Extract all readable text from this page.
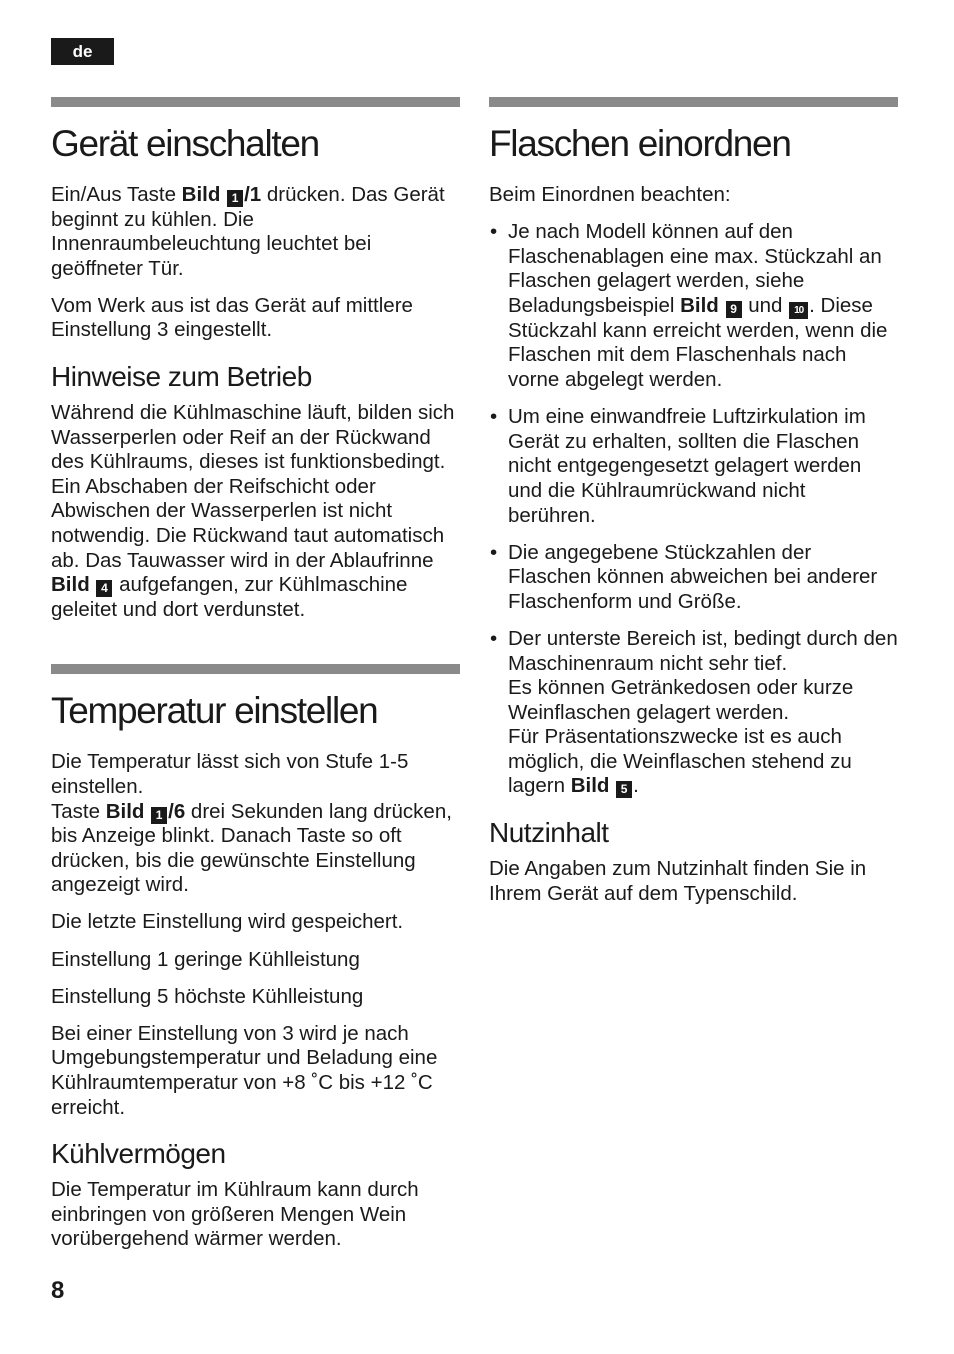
de
Gerät einschalten

Ein/Aus Taste Bild 1 /1 drücken. Das Gerät beginnt zu kühlen. Die Innenraumbeleuchtung leuchtet bei geöffneter Tür.

Vom Werk aus ist das Gerät auf mittlere Einstellung 3 eingestellt.

Hinweise zum Betrieb

Während die Kühlmaschine läuft, bilden sich Wasserperlen oder Reif an der Rückwand des Kühlraums, dieses ist funktionsbedingt. Ein Abschaben der Reifschicht oder Abwischen der Wasserperlen ist nicht notwendig. Die Rückwand taut automatisch ab. Das Tauwasser wird in der Ablaufrinne Bild 4 aufgefangen, zur Kühlmaschine geleitet und dort verdunstet.

Temperatur einstellen

Die Temperatur lässt sich von Stufe 1-5 einstellen.
Taste Bild 1 /6 drei Sekunden lang drücken, bis Anzeige blinkt. Danach Taste so oft drücken, bis die gewünschte Einstellung angezeigt wird.

Die letzte Einstellung wird gespeichert.

Einstellung 1 geringe Kühlleistung

Einstellung 5 höchste Kühlleistung

Bei einer Einstellung von 3 wird je nach Umgebungstemperatur und Beladung eine Kühlraumtemperatur von +8 ˚C bis +12 ˚C erreicht.

Kühlvermögen

Die Temperatur im Kühlraum kann durch einbringen von größeren Mengen Wein vorübergehend wärmer werden.

Flaschen einordnen

Beim Einordnen beachten:

• Je nach Modell können auf den Flaschenablagen eine max. Stückzahl an Flaschen gelagert werden, siehe Beladungsbeispiel Bild 9 und 10 . Diese Stückzahl kann erreicht werden, wenn die Flaschen mit dem Flaschenhals nach vorne abgelegt werden.
• Um eine einwandfreie Luftzirkulation im Gerät zu erhalten, sollten die Flaschen nicht entgegengesetzt gelagert werden und die Kühlraumrückwand nicht berühren.
• Die angegebene Stückzahlen der Flaschen können abweichen bei anderer Flaschenform und Größe.
• Der unterste Bereich ist, bedingt durch den Maschinenraum nicht sehr tief.
Es können Getränkedosen oder kurze Weinflaschen gelagert werden.
Für Präsentationszwecke ist es auch möglich, die Weinflaschen stehend zu lagern Bild 5 .
Nutzinhalt

Die Angaben zum Nutzinhalt finden Sie in Ihrem Gerät auf dem Typenschild.

8
